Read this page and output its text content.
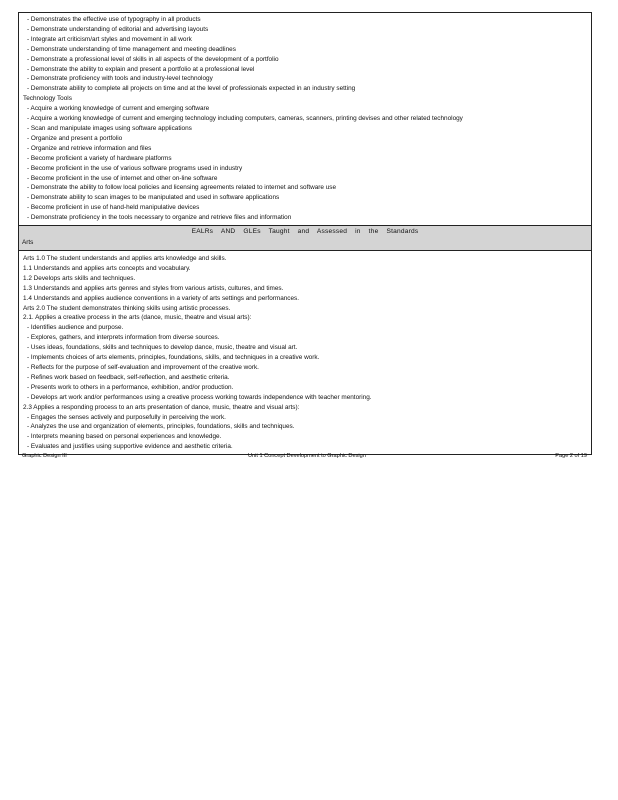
- Demonstrates the effective use of typography in all products
- Demonstrate understanding of editorial and advertising layouts
- Integrate art criticism/art styles and movement in all work
- Demonstrate understanding of time management and meeting deadlines
- Demonstrate a professional level of skills in all aspects of the development of a portfolio
- Demonstrate the ability to explain and present a portfolio at a professional level
- Demonstrate proficiency with tools and industry-level technology
- Demonstrate ability to complete all projects on time and at the level of professionals expected in an industry setting
Technology Tools
- Acquire a working knowledge of current and emerging software
- Acquire a working knowledge of current and emerging technology including computers, cameras, scanners, printing devises and other related technology
- Scan and manipulate images using software applications
- Organize and present a portfolio
- Organize and retrieve information and files
- Become proficient a variety of hardware platforms
- Become proficient in the use of various software programs used in industry
- Become proficient in the use of internet and other on-line software
- Demonstrate the ability to follow local policies and licensing agreements related to internet and software use
- Demonstrate ability to scan images to be manipulated and used in software applications
- Become proficient in use of hand-held manipulative devices
- Demonstrate proficiency in the tools necessary to organize and retrieve files and information
EALRs AND GLEs Taught and Assessed in the Standards
Arts
Arts 1.0 The student understands and applies arts knowledge and skills.
1.1 Understands and applies arts concepts and vocabulary.
1.2 Develops arts skills and techniques.
1.3 Understands and applies arts genres and styles from various artists, cultures, and times.
1.4 Understands and applies audience conventions in a variety of arts settings and performances.
Arts 2.0 The student demonstrates thinking skills using artistic processes.
2.1. Applies a creative process in the arts (dance, music, theatre and visual arts):
- Identifies audience and purpose.
- Explores, gathers, and interprets information from diverse sources.
- Uses ideas, foundations, skills and techniques to develop dance, music, theatre and visual art.
- Implements choices of arts elements, principles, foundations, skills, and techniques in a creative work.
- Reflects for the purpose of self-evaluation and improvement of the creative work.
- Refines work based on feedback, self-reflection, and aesthetic criteria.
- Presents work to others in a performance, exhibition, and/or production.
- Develops art work and/or performances using a creative process working towards independence with teacher mentoring.
2.3 Applies a responding process to an arts presentation of dance, music, theatre and visual arts):
- Engages the senses actively and purposefully in perceiving the work.
- Analyzes the use and organization of elements, principles, foundations, skills and techniques.
- Interprets meaning based on personal experiences and knowledge.
- Evaluates and justifies using supportive evidence and aesthetic criteria.
Graphic Design III	Unit 1 Concept Development to Graphic Design	Page 2 of 19
